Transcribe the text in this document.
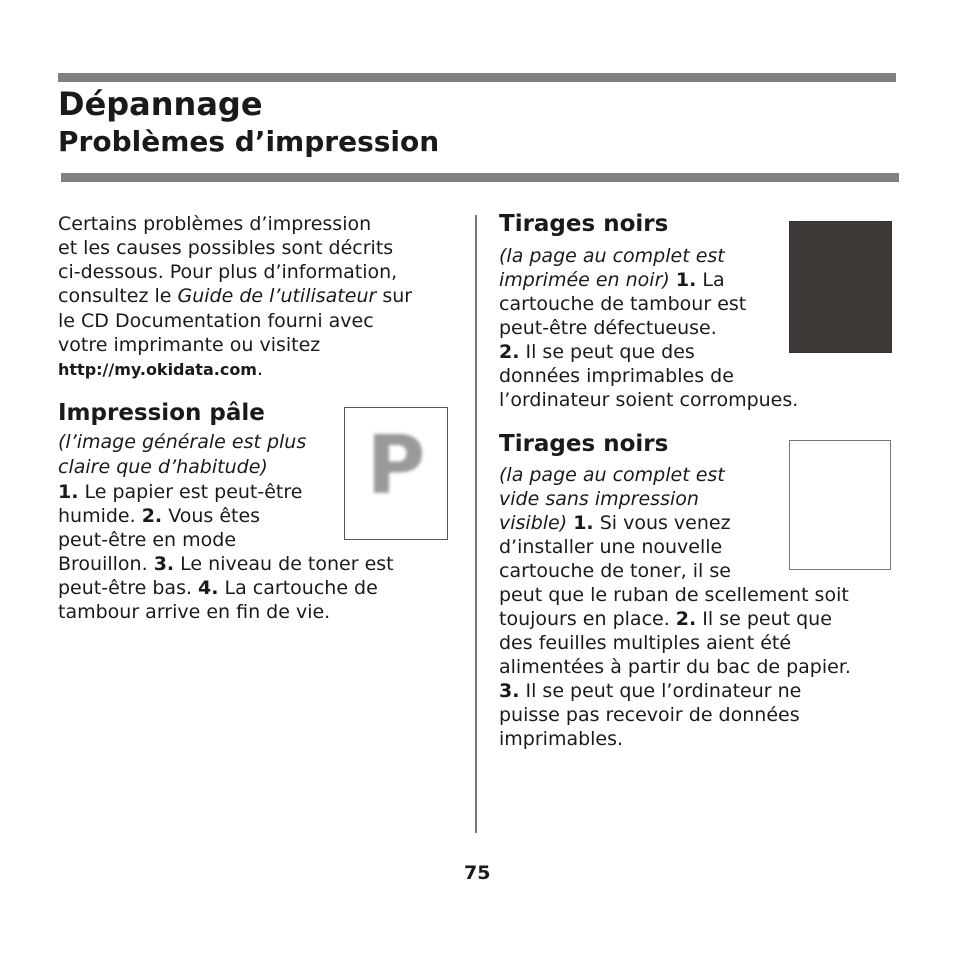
Dépannage
Problèmes d’impression

Certains problèmes d’impression

et les causes possibles sont décrits

ci-dessous. Pour plus d’information,

consultez le Guide de l’utilisateur sur

le CD Documentation fourni avec

votre imprimante ou visitez

http://my.okidata.com.

Impression pâle

(l’image générale est plus

claire que d’habitude)

1. Le papier est peut-être

humide. 2. Vous êtes

peut-être en mode

Brouillon. 3. Le niveau de toner est

peut-être bas. 4. La cartouche de

tambour arrive en fin de vie.

P
Tirages noirs

(la page au complet est

imprimée en noir) 1. La

cartouche de tambour est

peut-être défectueuse.

2. Il se peut que des

données imprimables de

l’ordinateur soient corrompues.

Tirages noirs

(la page au complet est

vide sans impression

visible) 1. Si vous venez

d’installer une nouvelle

cartouche de toner, il se

peut que le ruban de scellement soit

toujours en place. 2. Il se peut que

des feuilles multiples aient été

alimentées à partir du bac de papier.

3. Il se peut que l’ordinateur ne

puisse pas recevoir de données

imprimables.

75
